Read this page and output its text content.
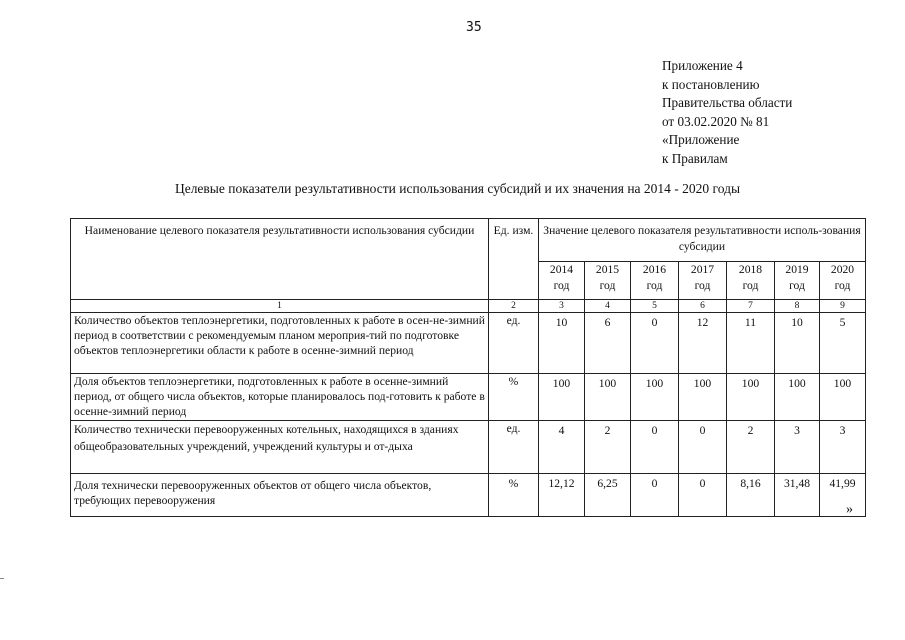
35
Приложение 4
к постановлению
Правительства области
от 03.02.2020 № 81
«Приложение
к Правилам
Целевые показатели результативности использования субсидий и их значения на 2014 - 2020 годы
Наименование целевого показателя результативности использования субсидии	Ед. изм.	Значение целевого показателя результативности исполь-зования субсидии						
		2014 год	2015 год	2016 год	2017 год	2018 год	2019 год	2020 год
1	2	3	4	5	6	7	8	9
Количество объектов теплоэнергетики, подготовленных к работе в осен-не-зимний период в соответствии с рекомендуемым планом мероприя-тий по подготовке объектов теплоэнергетики области к работе в осенне-зимний период	ед.	10	6	0	12	11	10	5
Доля объектов теплоэнергетики, подготовленных к работе в осенне-зимний период, от общего числа объектов, которые планировалось под-готовить к работе в осенне-зимний период	%	100	100	100	100	100	100	100
Количество технически перевооруженных котельных, находящихся в зданиях общеобразовательных учреждений, учреждений культуры и от-дыха	ед.	4	2	0	0	2	3	3
Доля технически перевооруженных объектов от общего числа объектов, требующих перевооружения	%	12,12	6,25	0	0	8,16	31,48	41,99
»
